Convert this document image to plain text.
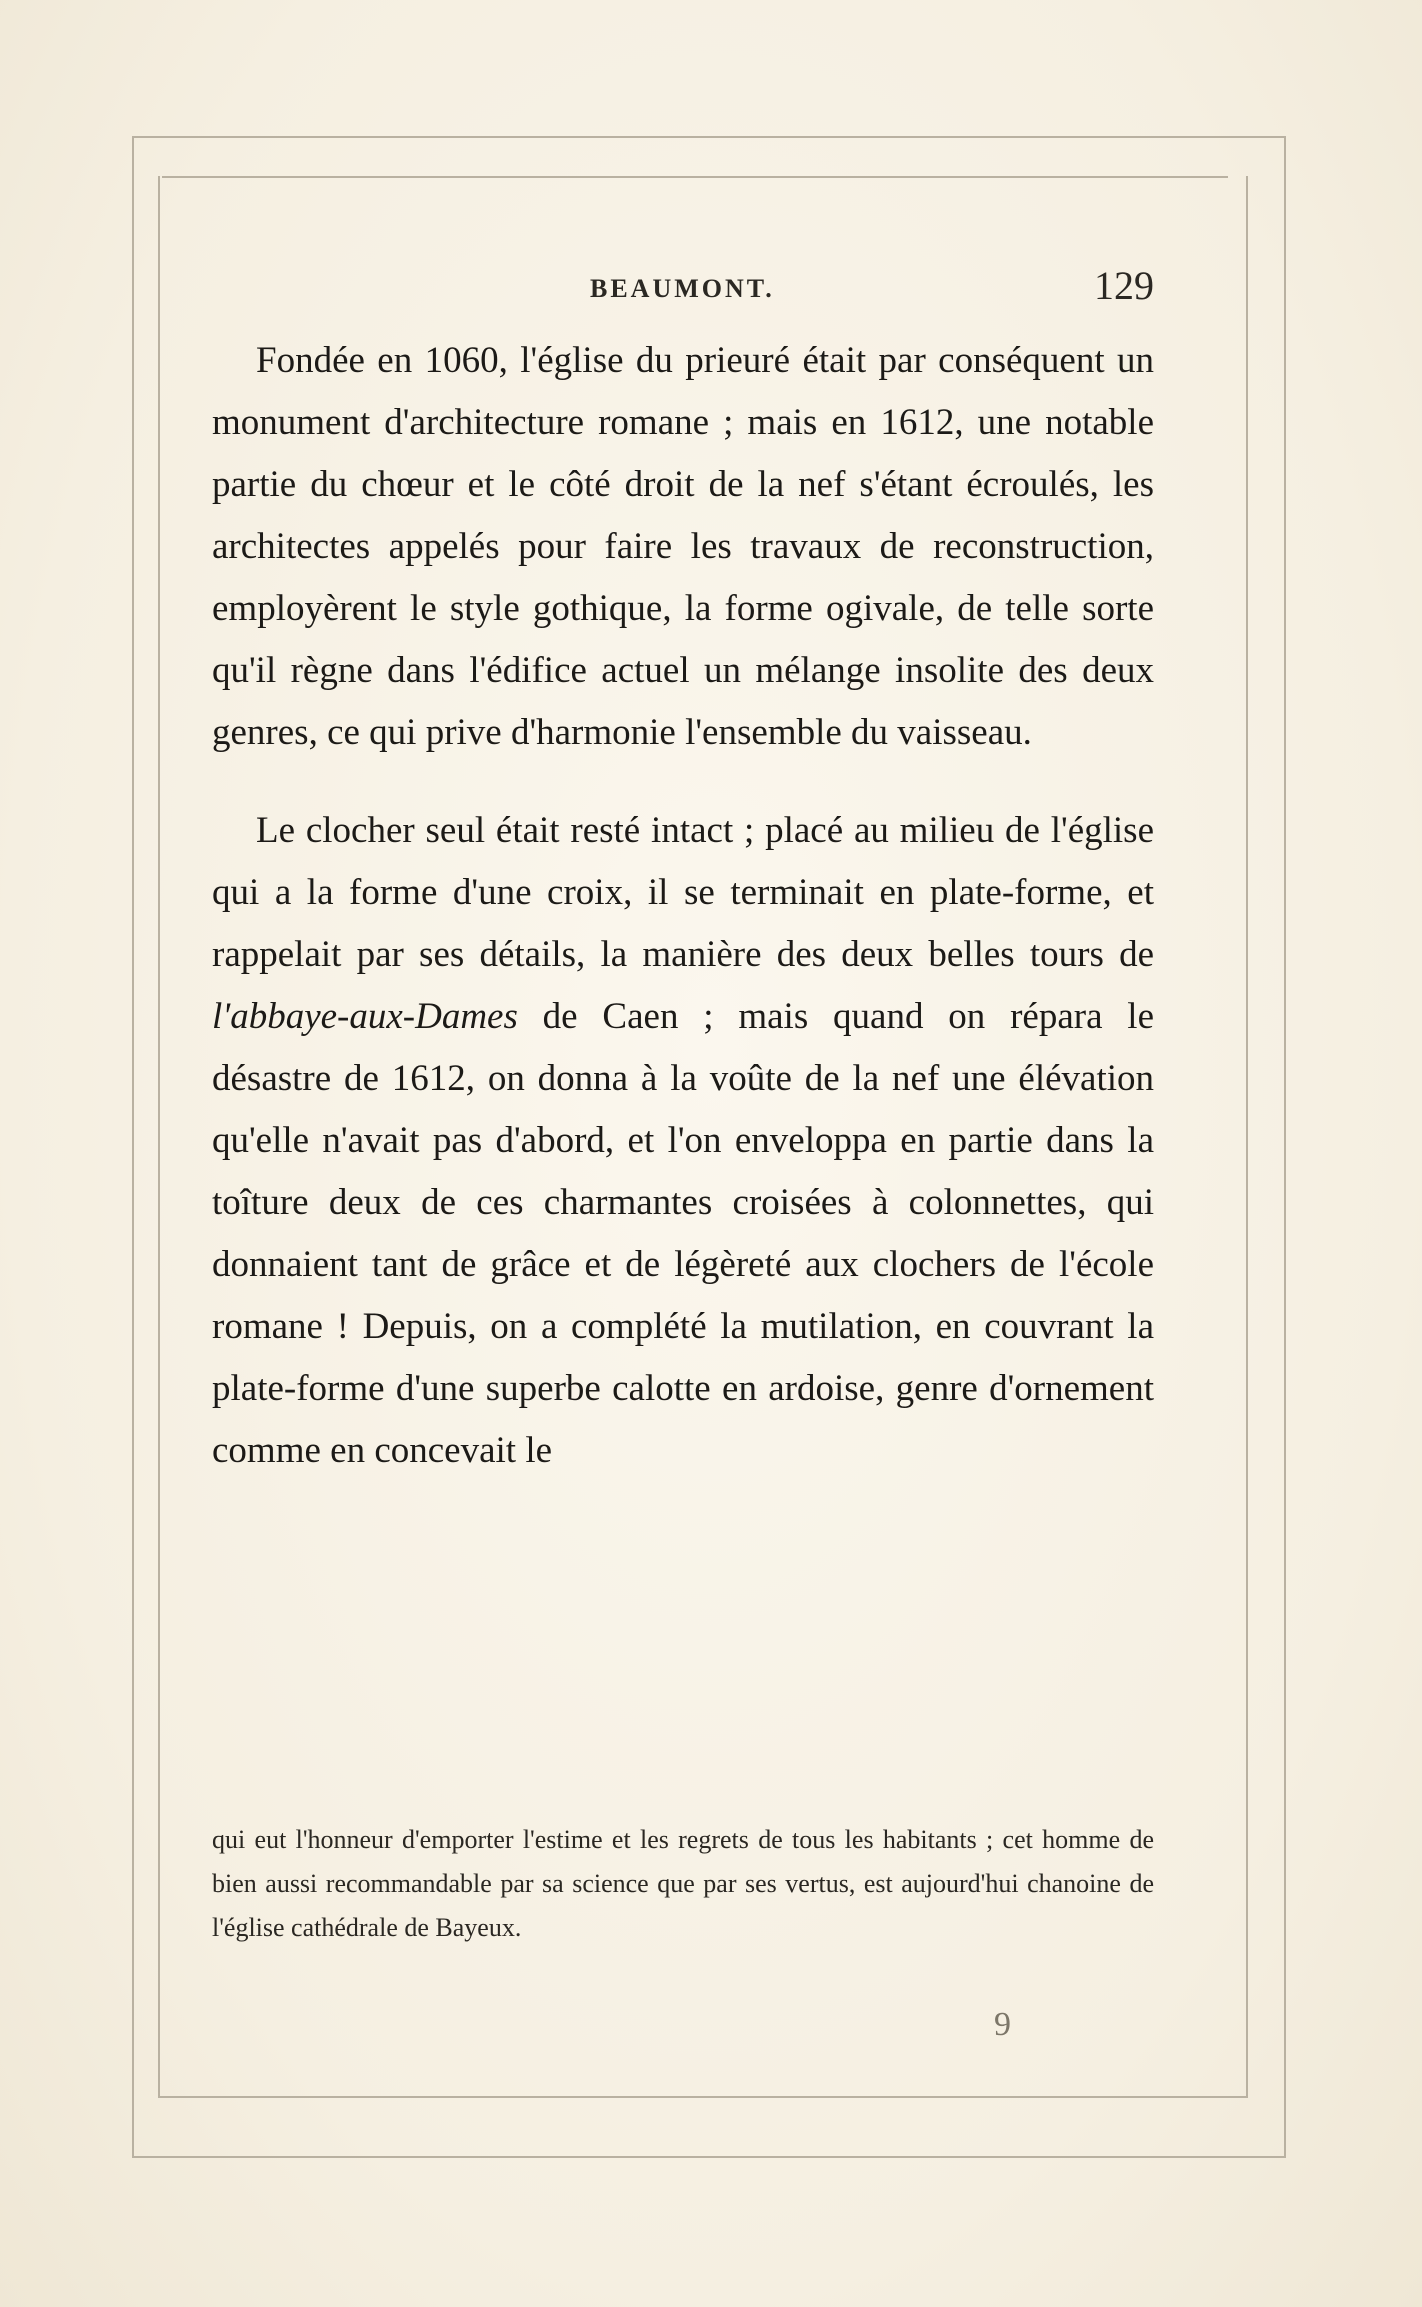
BEAUMONT.	129

Fondée en 1060, l'église du prieuré était par conséquent un monument d'architecture romane ; mais en 1612, une notable partie du chœur et le côté droit de la nef s'étant écroulés, les architectes appelés pour faire les travaux de reconstruction, employèrent le style gothique, la forme ogivale, de telle sorte qu'il règne dans l'édifice actuel un mélange insolite des deux genres, ce qui prive d'harmonie l'ensemble du vaisseau.

Le clocher seul était resté intact ; placé au milieu de l'église qui a la forme d'une croix, il se terminait en plate-forme, et rappelait par ses détails, la manière des deux belles tours de l'abbaye-aux-Dames de Caen ; mais quand on répara le désastre de 1612, on donna à la voûte de la nef une élévation qu'elle n'avait pas d'abord, et l'on enveloppa en partie dans la toîture deux de ces charmantes croisées à colonnettes, qui donnaient tant de grâce et de légèreté aux clochers de l'école romane ! Depuis, on a complété la mutilation, en couvrant la plate-forme d'une superbe calotte en ardoise, genre d'ornement comme en concevait le

qui eut l'honneur d'emporter l'estime et les regrets de tous les habitants ; cet homme de bien aussi recommandable par sa science que par ses vertus, est aujourd'hui chanoine de l'église cathédrale de Bayeux.

9
